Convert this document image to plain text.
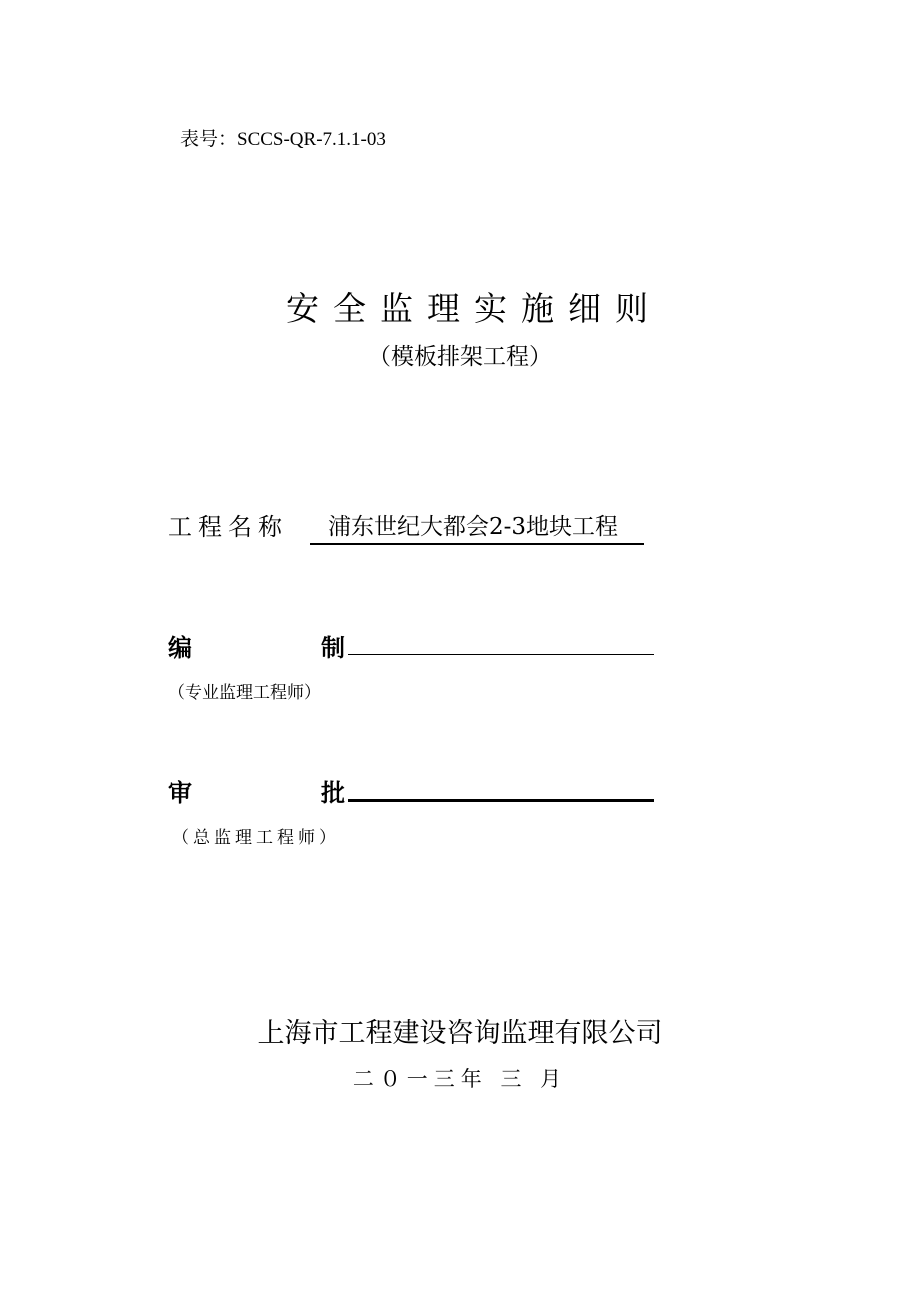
表号：SCCS-QR-7.1.1-03
安全监理实施细则
（模板排架工程）
工程名称	浦东世纪大都会2-3地块工程
编	制
（专业监理工程师）
审	批
（总监理工程师）
上海市工程建设咨询监理有限公司
二０一三年 三 月
